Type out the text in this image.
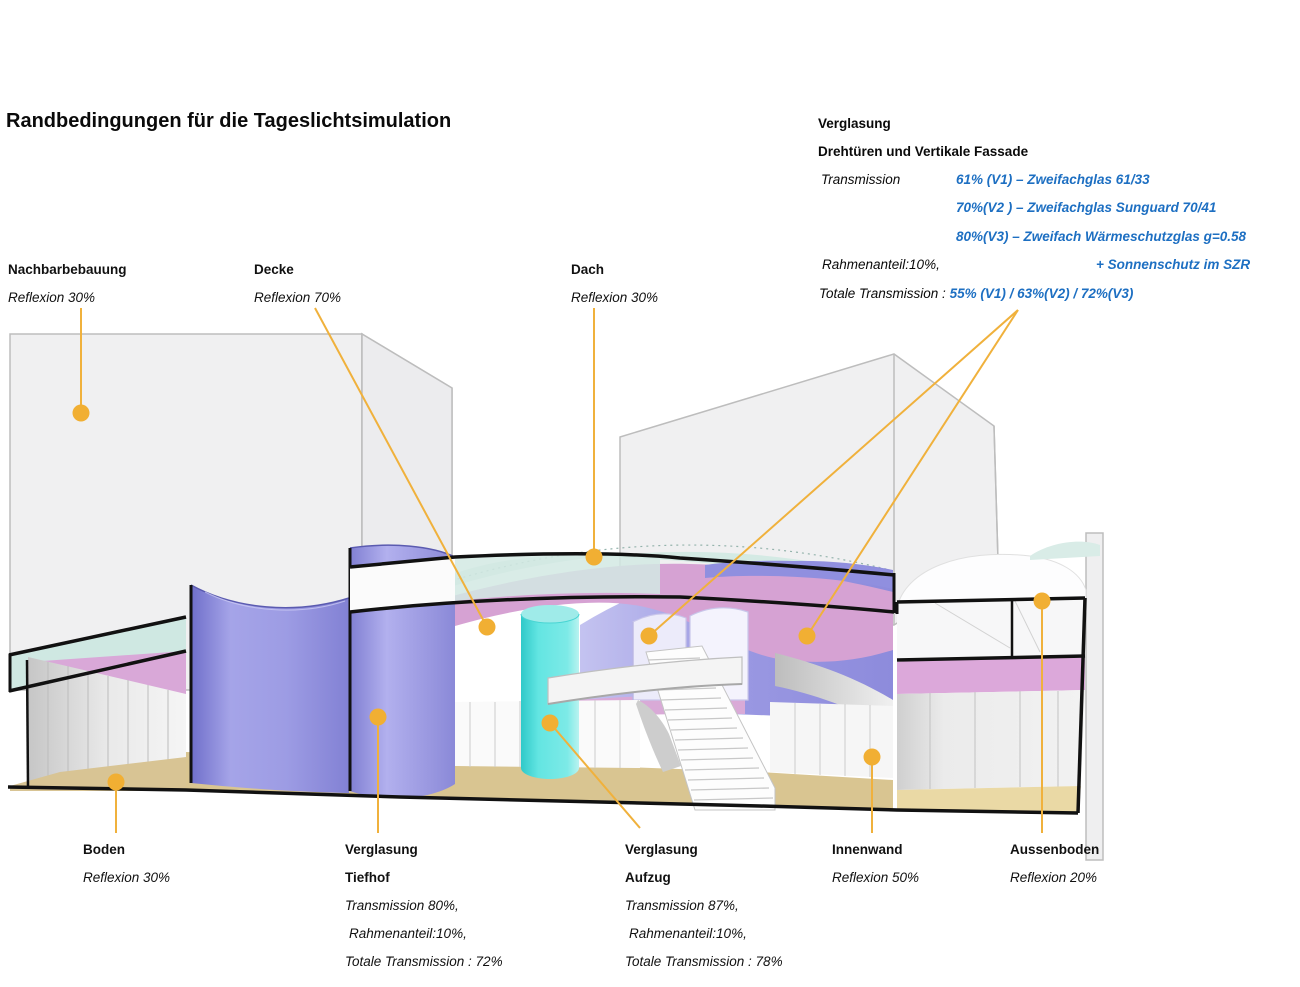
Randbedingungen für die Tageslichtsimulation	Verglasung
Drehtüren und Vertikale Fassade
Transmission	61% (V1) – Zweifachglas 61/33
70%(V2 ) – Zweifachglas Sunguard 70/41
80%(V3) – Zweifach Wärmeschutzglas g=0.58
Rahmenanteil:10%,	+ Sonnenschutz im SZR
Totale Transmission : 55% (V1) / 63%(V2) / 72%(V3)
Nachbarbebauung
Reflexion 30%
Decke
Reflexion 70%
Dach
Reflexion 30%
Boden
Reflexion 30%
Verglasung
Tiefhof
Transmission 80%,
Rahmenanteil:10%,
Totale Transmission : 72%
Verglasung
Aufzug
Transmission 87%,
Rahmenanteil:10%,
Totale Transmission : 78%
Innenwand
Reflexion 50%
Aussenboden
Reflexion 20%
